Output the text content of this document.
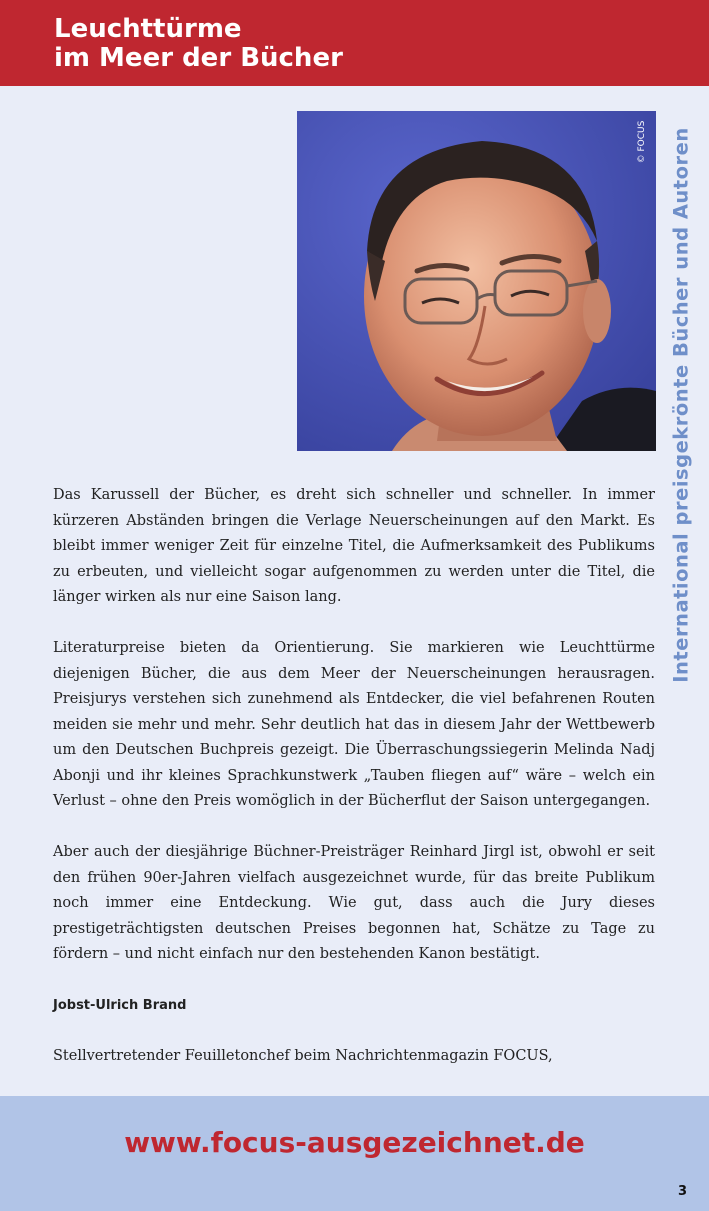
Leuchttürme
im Meer der Bücher
© FOCUS International preisgekrönte Bücher und Autoren

Das Karussell der Bücher, es dreht sich schneller und schneller. In immer kürzeren Abständen bringen die Verlage Neuerscheinungen auf den Markt. Es bleibt immer weniger Zeit für einzelne Titel, die Aufmerksamkeit des Publikums zu erbeuten, und vielleicht sogar aufgenommen zu werden unter die Titel, die länger wirken als nur eine Saison lang.

Literaturpreise bieten da Orientierung. Sie markieren wie Leuchttürme diejenigen Bücher, die aus dem Meer der Neuerscheinungen herausragen. Preisjurys verstehen sich zunehmend als Entdecker, die viel befahrenen Routen meiden sie mehr und mehr. Sehr deutlich hat das in diesem Jahr der Wettbewerb um den Deutschen Buchpreis gezeigt. Die Überraschungssiegerin Melinda Nadj Abonji und ihr kleines Sprachkunstwerk „Tauben fliegen auf“ wäre – welch ein Verlust – ohne den Preis womöglich in der Bücherflut der Saison untergegangen.

Aber auch der diesjährige Büchner-Preisträger Reinhard Jirgl ist, obwohl er seit den frühen 90er-Jahren vielfach ausgezeichnet wurde, für das breite Publikum noch immer eine Entdeckung. Wie gut, dass auch die Jury dieses prestigeträchtigsten deutschen Preises begonnen hat, Schätze zu Tage zu fördern – und nicht einfach nur den bestehenden Kanon bestätigt.

Jobst-Ulrich Brand

Stellvertretender Feuilletonchef beim Nachrichtenmagazin FOCUS,

www.focus-ausgezeichnet.de
3
